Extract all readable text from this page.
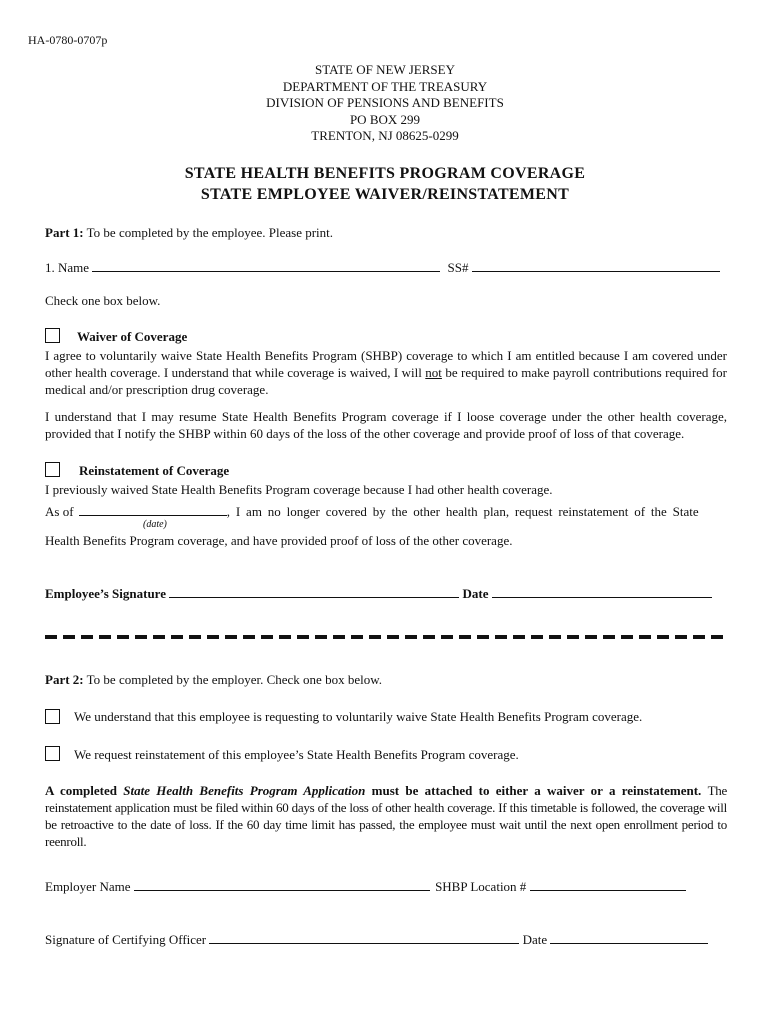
HA-0780-0707p
STATE OF NEW JERSEY
DEPARTMENT OF THE TREASURY
DIVISION OF PENSIONS AND BENEFITS
PO BOX 299
TRENTON, NJ 08625-0299
STATE HEALTH BENEFITS PROGRAM COVERAGE
STATE EMPLOYEE WAIVER/REINSTATEMENT
Part 1: To be completed by the employee. Please print.
1. Name	SS#
Check one box below.
Waiver of Coverage
I agree to voluntarily waive State Health Benefits Program (SHBP) coverage to which I am entitled because I am covered under other health coverage. I understand that while coverage is waived, I will not be required to make payroll contributions required for medical and/or prescription drug coverage.
I understand that I may resume State Health Benefits Program coverage if I loose coverage under the other health coverage, provided that I notify the SHBP within 60 days of the loss of the other coverage and provide proof of loss of that coverage.
Reinstatement of Coverage
I previously waived State Health Benefits Program coverage because I had other health coverage.
As of	, I am no longer covered by the other health plan, request reinstatement of the State
(date)
Health Benefits Program coverage, and have provided proof of loss of the other coverage.
Employee’s Signature	Date
Part 2: To be completed by the employer. Check one box below.
We understand that this employee is requesting to voluntarily waive State Health Benefits Program coverage.
We request reinstatement of this employee’s State Health Benefits Program coverage.
A completed State Health Benefits Program Application must be attached to either a waiver or a reinstatement. The reinstatement application must be filed within 60 days of the loss of other health coverage. If this timetable is followed, the coverage will be retroactive to the date of loss. If the 60 day time limit has passed, the employee must wait until the next open enrollment period to reenroll.
Employer Name	SHBP Location #
Signature of Certifying Officer	Date
